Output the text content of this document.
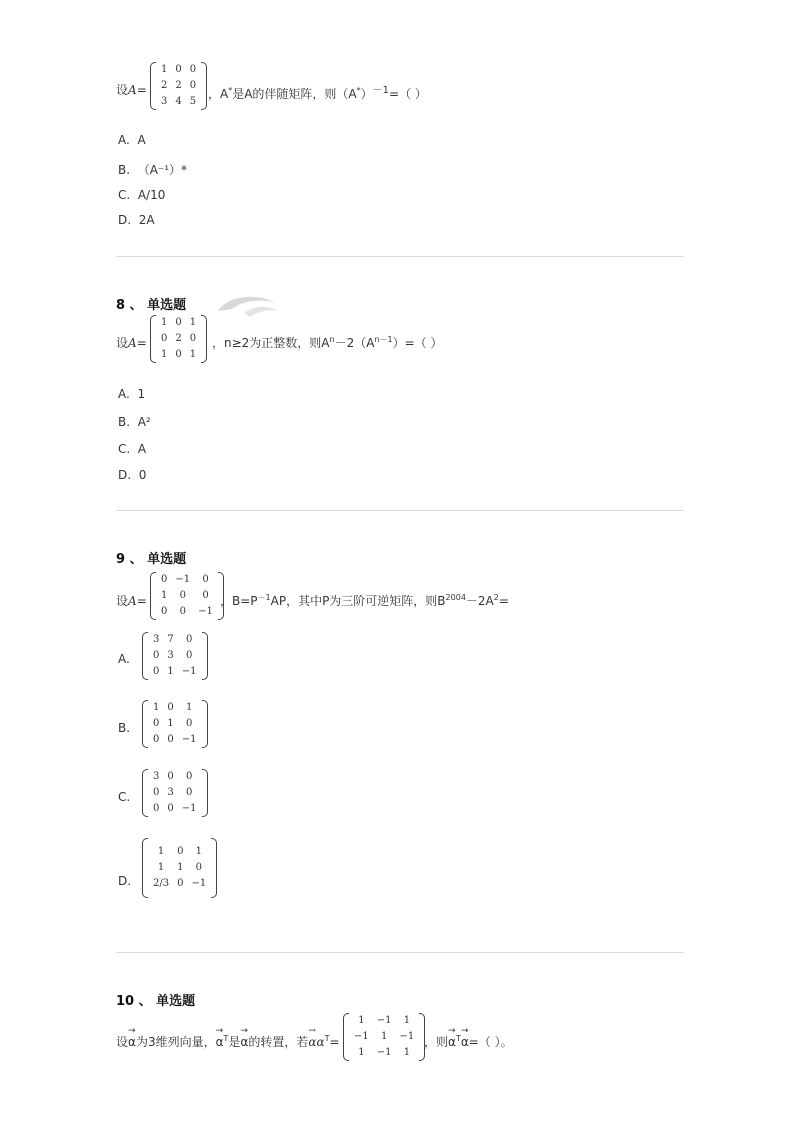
设A=
1	0	0
2	2	0
3	4	5
，A*是A的伴随矩阵，则$(A^*)^{-1}=$（ ）
A. A
B. （A⁻¹）*
C. A/10
D. 2A
8 、 单选题
设A=
1	0	1
0	2	0
1	0	1
，n≥2为正整数，则$A^n-2(A^{n-1})=$（ ）
A. 1
B. A²
C. A
D. 0
9 、 单选题
设A=
0	−1	0
1	0	0
0	0	−1
，$B=P^{-1}AP$，其中P为三阶可逆矩阵，则$B^{2004}-2A^2=$
A.
3	7	0
0	3	0
0	1	−1
B.
1	0	1
0	1	0
0	0	−1
C.
3	0	0
0	3	0
0	0	−1
D.
1	0	1
1	1	0
2/3	0	−1
10 、 单选题
设→ α为3维列向量，→ $\alpha^T$是→ α的转置，若→ $\alpha\alpha^T=$
1	−1	1
−1	1	−1
1	−1	1
，则→ $\alpha^T\to \alpha=$（ ）。
